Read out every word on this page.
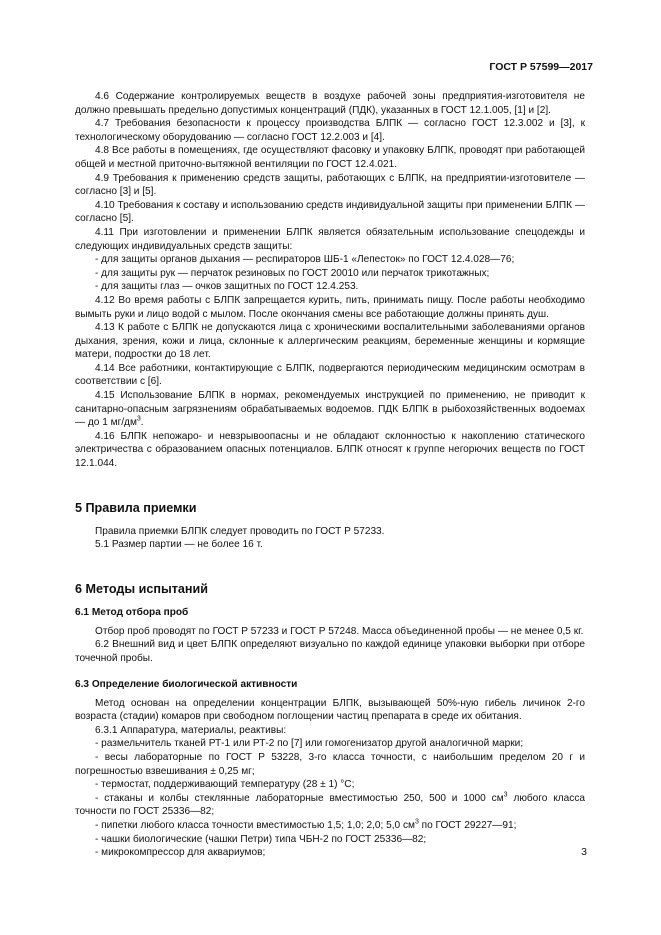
ГОСТ Р 57599—2017

4.6 Содержание контролируемых веществ в воздухе рабочей зоны предприятия-изготовителя не должно превышать предельно допустимых концентраций (ПДК), указанных в ГОСТ 12.1.005, [1] и [2].

4.7 Требования безопасности к процессу производства БЛПК — согласно ГОСТ 12.3.002 и [3], к технологическому оборудованию — согласно ГОСТ 12.2.003 и [4].

4.8 Все работы в помещениях, где осуществляют фасовку и упаковку БЛПК, проводят при работающей общей и местной приточно-вытяжной вентиляции по ГОСТ 12.4.021.

4.9 Требования к применению средств защиты, работающих с БЛПК, на предприятии-изготовителе — согласно [3] и [5].

4.10 Требования к составу и использованию средств индивидуальной защиты при применении БЛПК — согласно [5].

4.11 При изготовлении и применении БЛПК является обязательным использование спецодежды и следующих индивидуальных средств защиты:

- для защиты органов дыхания — респираторов ШБ-1 «Лепесток» по ГОСТ 12.4.028—76;

- для защиты рук — перчаток резиновых по ГОСТ 20010 или перчаток трикотажных;

- для защиты глаз — очков защитных по ГОСТ 12.4.253.

4.12 Во время работы с БЛПК запрещается курить, пить, принимать пищу. После работы необходимо вымыть руки и лицо водой с мылом. После окончания смены все работающие должны принять душ.

4.13 К работе с БЛПК не допускаются лица с хроническими воспалительными заболеваниями органов дыхания, зрения, кожи и лица, склонные к аллергическим реакциям, беременные женщины и кормящие матери, подростки до 18 лет.

4.14 Все работники, контактирующие с БЛПК, подвергаются периодическим медицинским осмотрам в соответствии с [6].

4.15 Использование БЛПК в нормах, рекомендуемых инструкцией по применению, не приводит к санитарно-опасным загрязнениям обрабатываемых водоемов. ПДК БЛПК в рыбохозяйственных водоемах — до 1 $мг/дм^3$.

4.16 БЛПК непожаро- и невзрывоопасны и не обладают склонностью к накоплению статического электричества с образованием опасных потенциалов. БЛПК относят к группе негорючих веществ по ГОСТ 12.1.044.

5 Правила приемки

Правила приемки БЛПК следует проводить по ГОСТ Р 57233.

5.1 Размер партии — не более 16 т.

6 Методы испытаний
6.1 Метод отбора проб

Отбор проб проводят по ГОСТ Р 57233 и ГОСТ Р 57248. Масса объединенной пробы — не менее 0,5 кг.

6.2 Внешний вид и цвет БЛПК определяют визуально по каждой единице упаковки выборки при отборе точечной пробы.

6.3 Определение биологической активности

Метод основан на определении концентрации БЛПК, вызывающей 50%-ную гибель личинок 2-го возраста (стадии) комаров при свободном поглощении частиц препарата в среде их обитания.

6.3.1 Аппаратура, материалы, реактивы:

- размельчитель тканей РТ-1 или РТ-2 по [7] или гомогенизатор другой аналогичной марки;

- весы лабораторные по ГОСТ Р 53228, 3-го класса точности, с наибольшим пределом 20 г и погрешностью взвешивания ± 0,25 мг;

- термостат, поддерживающий температуру (28 ± 1) °С;

- стаканы и колбы стеклянные лабораторные вместимостью 250, 500 и 1000 $см^3$ любого класса точности по ГОСТ 25336—82;

- пипетки любого класса точности вместимостью 1,5; 1,0; 2,0; 5,0 $см^3$ по ГОСТ 29227—91;

- чашки биологические (чашки Петри) типа ЧБН-2 по ГОСТ 25336—82;

- микрокомпрессор для аквариумов;	3
